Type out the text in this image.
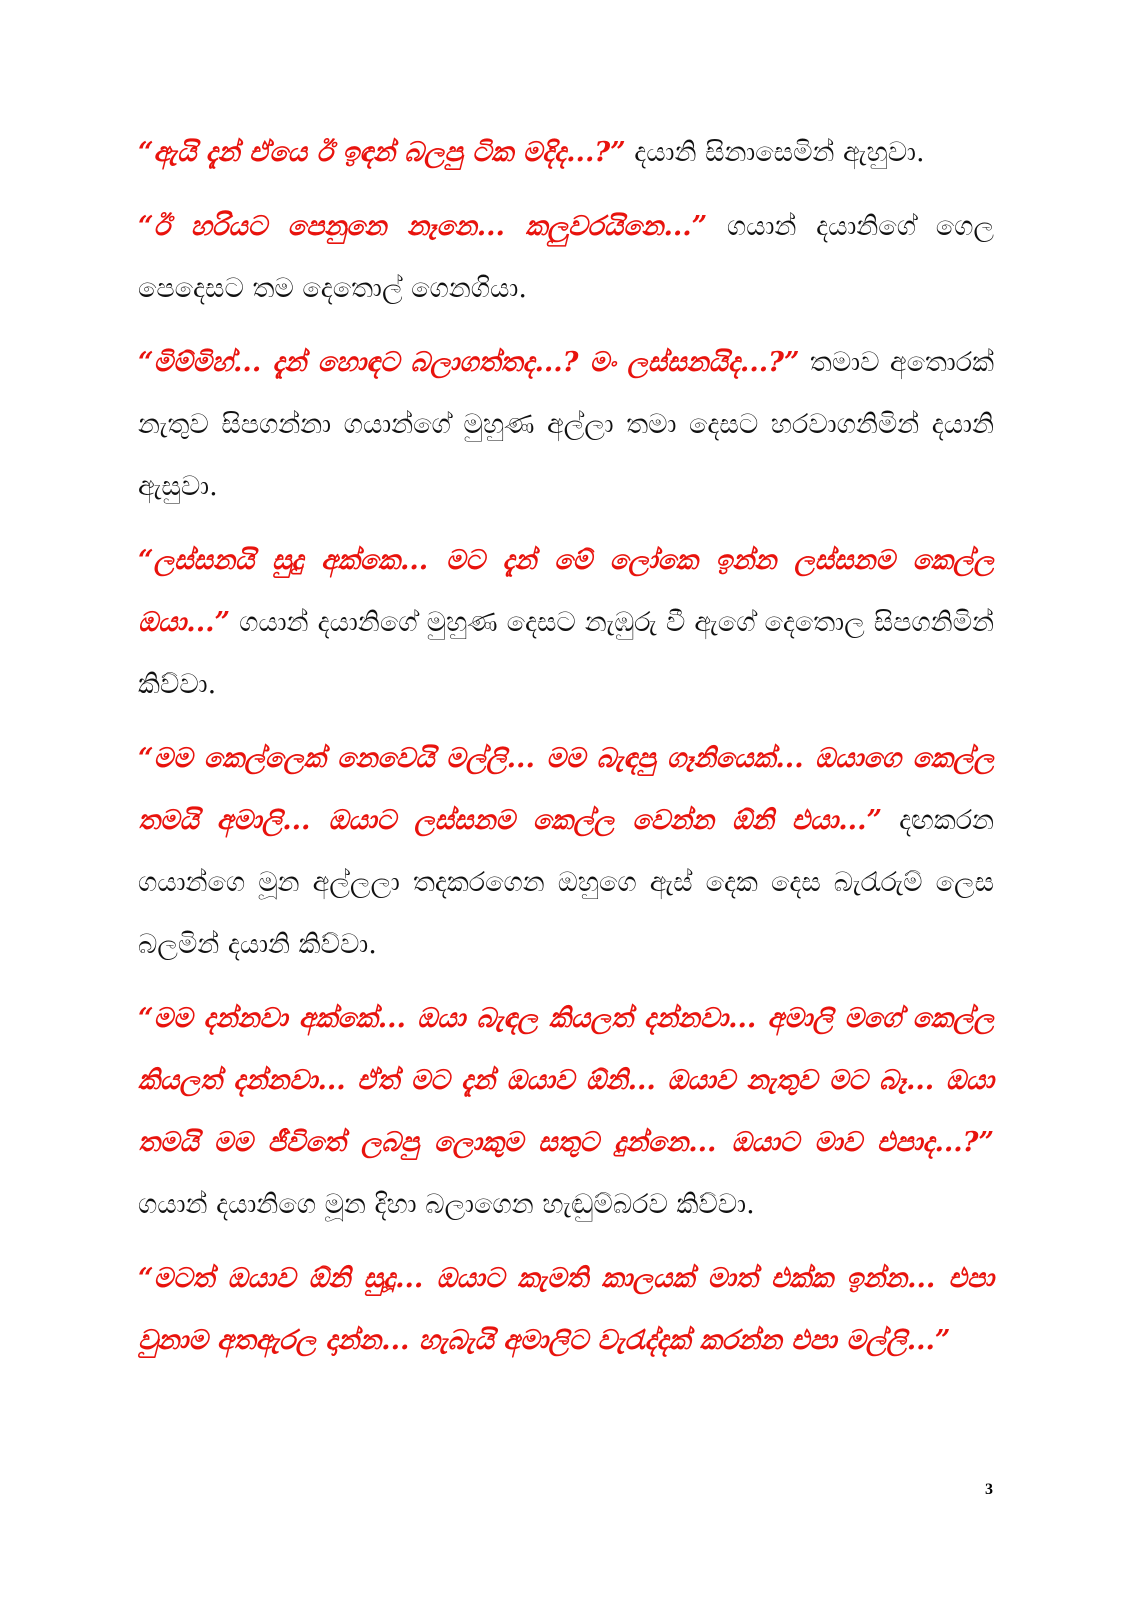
“ඇයි දැන් ඒයෙ ඊ ඉඳන් බලපු ටික මදිද...?” දයානි සිනාසෙමින් ඇහුවා.

“ඊ හරියට පෙනුනෙ නෑනෙ... කලුවරයිනෙ...” ගයාන් දයානිගේ ගෙල පෙදෙසට තම දෙතොල් ගෙනගියා.

“මිම්මිහ්... දැන් හොඳට බලාගත්තද...? මං ලස්සනයිද...?” තමාව අතොරක් නැතුව සිපගන්නා ගයාන්ගේ මුහුණ අල්ලා තමා දෙසට හරවාගනිමින් දයානි ඇසුවා.

“ලස්සනයි සුදු අක්කෙ... මට දැන් මේ ලෝකෙ ඉන්න ලස්සනම කෙල්ල ඔයා...” ගයාන් දයානිගේ මුහුණ දෙසට නැඹුරු වී ඇගේ දෙතොල සිපගනිමින් කිව්වා.

“මම කෙල්ලෙක් නෙවෙයි මල්ලි... මම බැඳපු ගෑනියෙක්... ඔයාගෙ කෙල්ල තමයි අමාලි... ඔයාට ලස්සනම කෙල්ල වෙන්න ඕනි එයා...” දඟකරන ගයාන්ගෙ මූන අල්ලලා තදකරගෙන ඔහුගෙ ඇස් දෙක දෙස බැරැරුම් ලෙස බලමින් දයානි කිව්වා.

“මම දන්නවා අක්කේ... ඔයා බැඳල කියලත් දන්නවා... අමාලි මගේ කෙල්ල කියලත් දන්නවා... ඒත් මට දැන් ඔයාව ඕනි... ඔයාව නැතුව මට බෑ... ඔයා තමයි මම ජීවිතේ ලබපු ලොකුම සතුට දුන්නෙ... ඔයාට මාව එපාද...?” ගයාන් දයානිගෙ මූන දිහා බලාගෙන හැඬුම්බරව කිව්වා.

“මටත් ඔයාව ඕනි සුදූ... ඔයාට කැමති කාලයක් මාත් එක්ක ඉන්න... එපා වුනාම අතඇරල දාන්න... හැබැයි අමාලිට වැරැද්දක් කරන්න එපා මල්ලි...”

3
